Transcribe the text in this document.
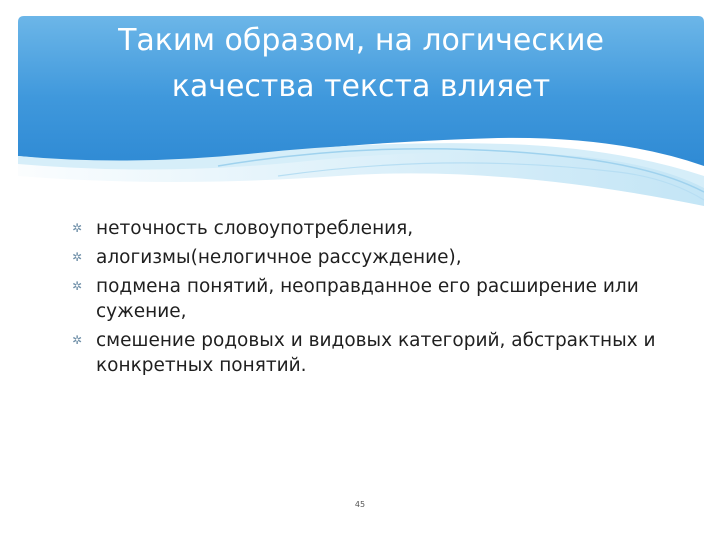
Таким образом, на логические
качества текста влияет
✲ неточность словоупотребления,
✲ алогизмы(нелогичное рассуждение),
✲ подмена понятий, неоправданное его расширение или сужение,
✲ смешение родовых и видовых категорий, абстрактных и конкретных понятий.
45
